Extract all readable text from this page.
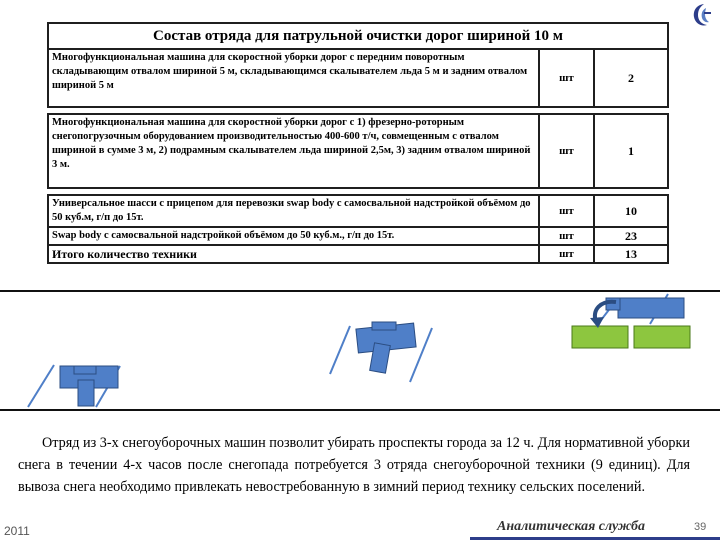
Состав отряда для патрульной очистки дорог шириной 10 м		
Многофункциональная машина для скоростной уборки дорог с передним поворотным складывающим отвалом шириной 5 м, складывающимся скалывателем льда 5 м и задним отвалом шириной 5 м	шт	2

Многофункциональная машина для скоростной уборки дорог с 1) фрезерно-роторным снегопогрузочным оборудованием производительностью 400-600 т/ч, совмещенным с отвалом шириной в сумме 3 м, 2) подрамным скалывателем льда шириной 2,5м, 3) задним отвалом шириной 3 м.	шт	1

Универсальное шасси с прицепом для перевозки swap body с самосвальной надстройкой объёмом до 50 куб.м, г/п до 15т.	шт	10
Swap body с самосвальной надстройкой объёмом до 50 куб.м., г/п до 15т.	шт	23
Итого количество техники	шт	13

Отряд из 3-х снегоуборочных машин позволит убирать проспекты города за 12 ч. Для нормативной уборки снега в течении 4-х часов после снегопада потребуется 3 отряда снегоуборочной техники (9 единиц). Для вывоза снега необходимо привлекать невостребованную в зимний период технику сельских поселений.

2011	Аналитическая служба	39
